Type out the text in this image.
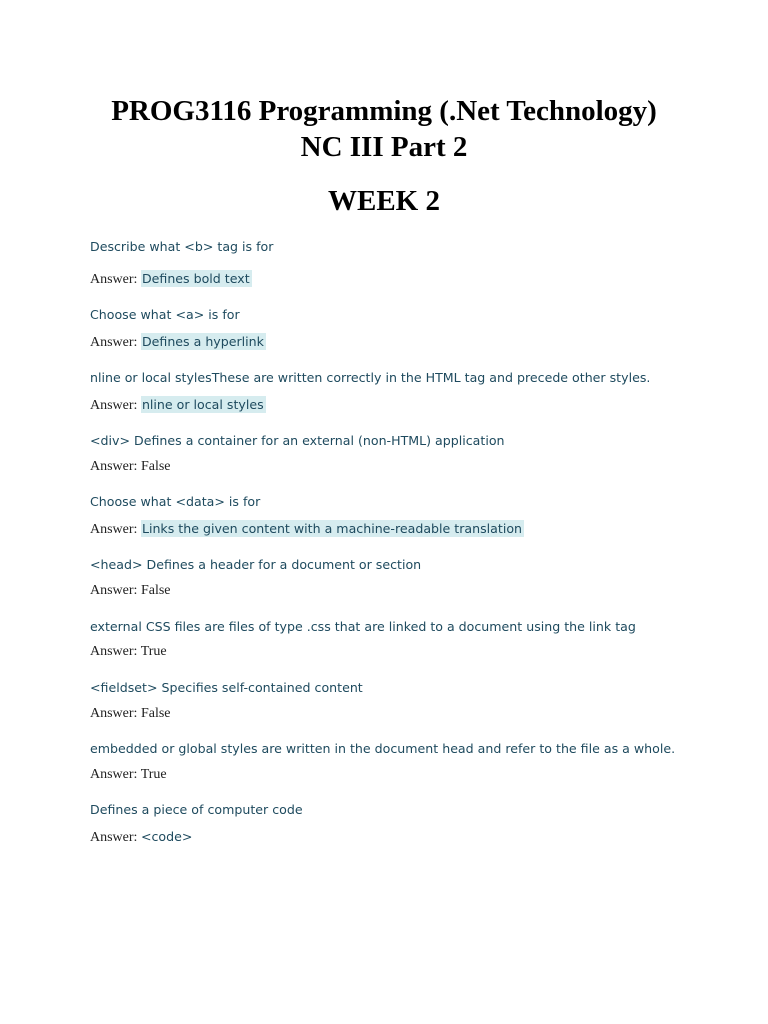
PROG3116 Programming (.Net Technology)
NC III Part 2
WEEK 2

Describe what <b> tag is for

Answer: Defines bold text

Choose what <a> is for

Answer: Defines a hyperlink

nline or local stylesThese are written correctly in the HTML tag and precede other styles.

Answer: nline or local styles

<div> Defines a container for an external (non-HTML) application

Answer: False

Choose what <data> is for

Answer: Links the given content with a machine-readable translation

<head> Defines a header for a document or section

Answer: False

external CSS files are files of type .css that are linked to a document using the link tag

Answer: True

<fieldset> Specifies self-contained content

Answer: False

embedded or global styles are written in the document head and refer to the file as a whole.

Answer: True

Defines a piece of computer code

Answer: <code>
